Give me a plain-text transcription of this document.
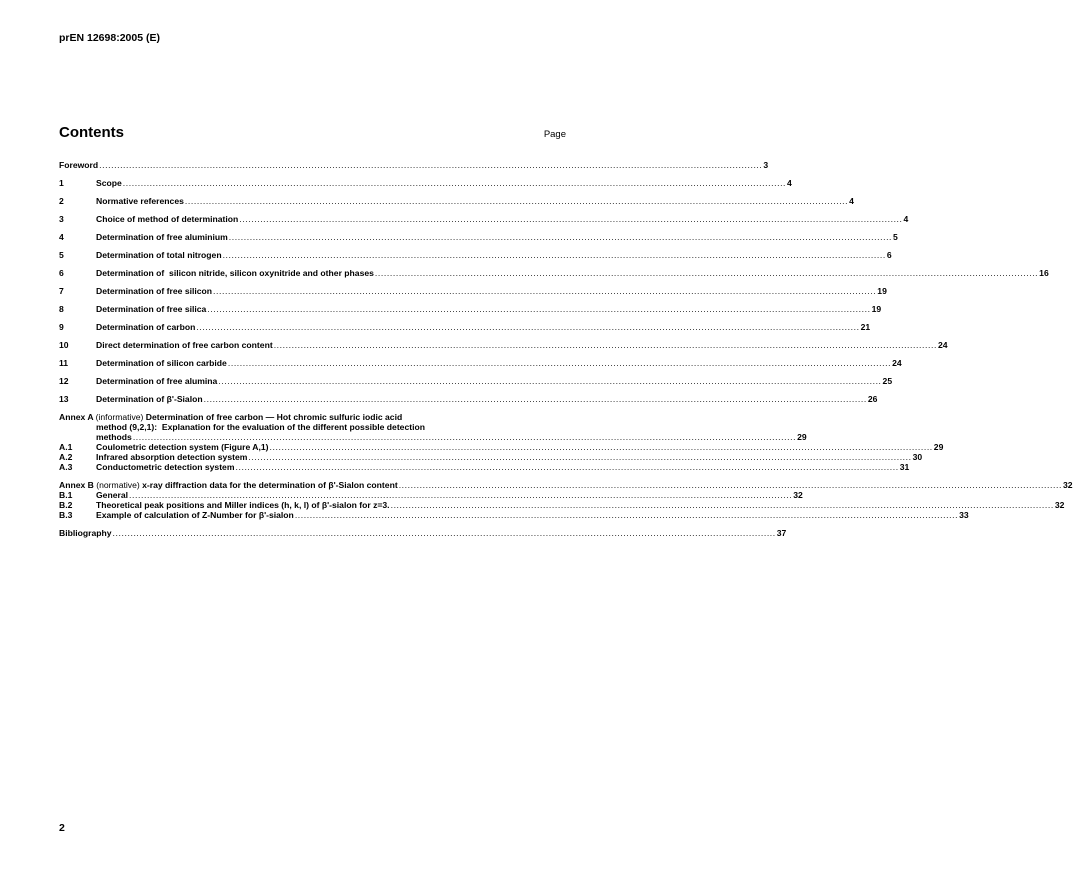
prEN 12698:2005 (E)
Contents	Page
Foreword .....	3
1	Scope .....	4
2	Normative references .....	4
3	Choice of method of determination .....	4
4	Determination of free aluminium .....	5
5	Determination of total nitrogen .....	6
6	Determination of  silicon nitride, silicon oxynitride and other phases .....	16
7	Determination of free silicon .....	19
8	Determination of free silica .....	19
9	Determination of carbon .....	21
10	Direct determination of free carbon content .....	24
11	Determination of silicon carbide .....	24
12	Determination of free alumina .....	25
13	Determination of β'-Sialon .....	26
Annex A (informative) Determination of free carbon — Hot chromic sulfuric iodic acid
method (9,2,1):  Explanation for the evaluation of the different possible detection
methods .....	29
A.1	Coulometric detection system (Figure A,1) .....	29
A.2	Infrared absorption detection system .....	30
A.3	Conductometric detection system .....	31
Annex B (normative) x-ray diffraction data for the determination of β'-Sialon content .....	32
B.1	General .....	32
B.2	Theoretical peak positions and Miller indices (h, k, l) of β'-sialon for z=3. .....	32
B.3	Example of calculation of Z-Number for β'-sialon .....	33
Bibliography .....	37
2
